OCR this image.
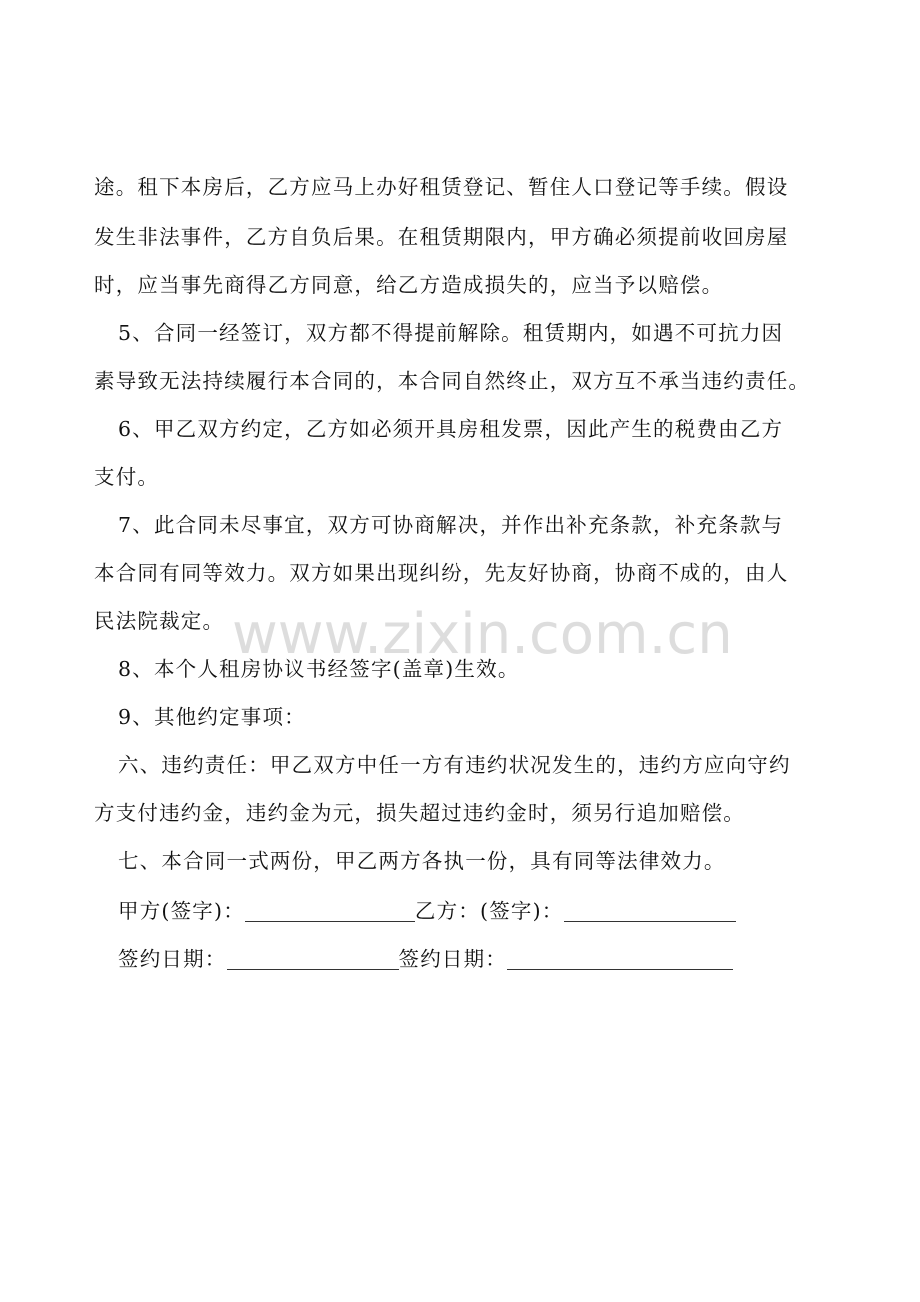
途。租下本房后，乙方应马上办好租赁登记、暂住人口登记等手续。假设
发生非法事件，乙方自负后果。在租赁期限内，甲方确必须提前收回房屋
时，应当事先商得乙方同意，给乙方造成损失的，应当予以赔偿。
5、合同一经签订，双方都不得提前解除。租赁期内，如遇不可抗力因
素导致无法持续履行本合同的，本合同自然终止，双方互不承当违约责任。
6、甲乙双方约定，乙方如必须开具房租发票，因此产生的税费由乙方
支付。
7、此合同未尽事宜，双方可协商解决，并作出补充条款，补充条款与
本合同有同等效力。双方如果出现纠纷，先友好协商，协商不成的，由人
民法院裁定。
8、本个人租房协议书经签字(盖章)生效。
9、其他约定事项：
六、违约责任：甲乙双方中任一方有违约状况发生的，违约方应向守约
方支付违约金，违约金为元，损失超过违约金时，须另行追加赔偿。
七、本合同一式两份，甲乙两方各执一份，具有同等法律效力。
甲方(签字)：	乙方：(签字)：
签约日期：	签约日期：
www.zixin.com.cn
